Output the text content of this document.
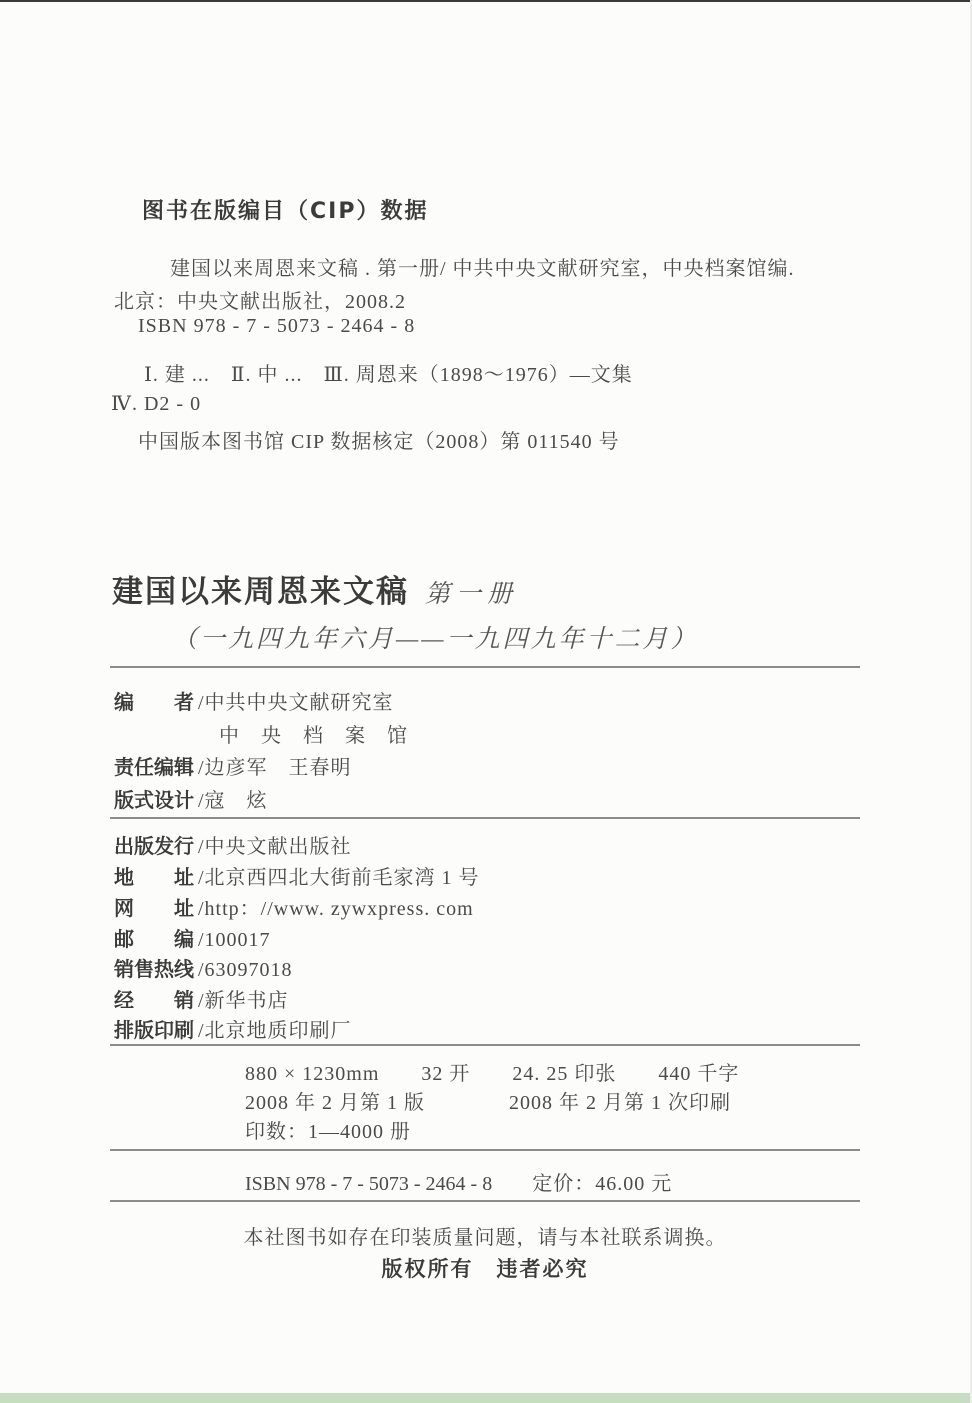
图书在版编目（CIP）数据
建国以来周恩来文稿 . 第一册/ 中共中央文献研究室，中央档案馆编.
北京：中央文献出版社，2008.2
ISBN 978 - 7 - 5073 - 2464 - 8
Ⅰ. 建 ...　Ⅱ. 中 ...　Ⅲ. 周恩来（1898～1976）—文集
Ⅳ. D2 - 0
中国版本图书馆 CIP 数据核定（2008）第 011540 号
建国以来周恩来文稿 第一册
（一九四九年六月——一九四九年十二月）
编　　者 /中共中央文献研究室
　中　央　档　案　馆
责任编辑 /边彦军　王春明
版式设计 /寇　炫
出版发行 /中央文献出版社
地　　址 /北京西四北大街前毛家湾 1 号
网　　址 /http：//www. zywxpress. com
邮　　编 /100017
销售热线 /63097018
经　　销 /新华书店
排版印刷 /北京地质印刷厂
880 × 1230mm　　32 开　　24. 25 印张　　440 千字
2008 年 2 月第 1 版　　　　2008 年 2 月第 1 次印刷
印数：1—4000 册
ISBN 978 - 7 - 5073 - 2464 - 8 定价：46.00 元
本社图书如存在印装质量问题，请与本社联系调换。
版权所有　违者必究
